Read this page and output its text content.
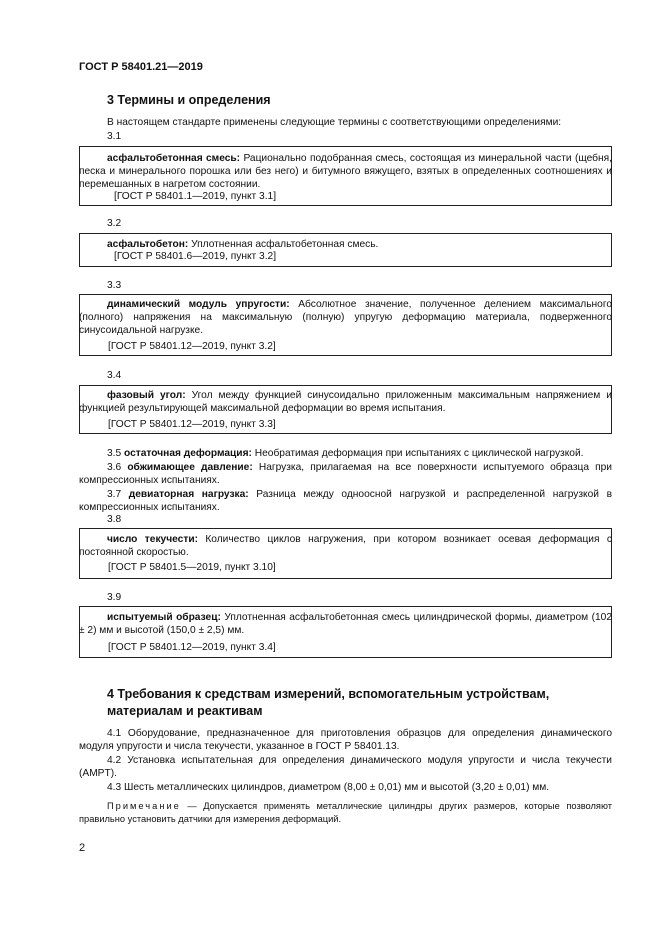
ГОСТ Р 58401.21—2019
3 Термины и определения
В настоящем стандарте применены следующие термины с соответствующими определениями:
3.1
асфальтобетонная смесь: Рационально подобранная смесь, состоящая из минеральной части (щебня, песка и минерального порошка или без него) и битумного вяжущего, взятых в определенных соотношениях и перемешанных в нагретом состоянии.
[ГОСТ Р 58401.1—2019, пункт 3.1]
3.2
асфальтобетон: Уплотненная асфальтобетонная смесь.
[ГОСТ Р 58401.6—2019, пункт 3.2]
3.3
динамический модуль упругости: Абсолютное значение, полученное делением максимального (полного) напряжения на максимальную (полную) упругую деформацию материала, подверженного синусоидальной нагрузке.
[ГОСТ Р 58401.12—2019, пункт 3.2]
3.4
фазовый угол: Угол между функцией синусоидально приложенным максимальным напряжением и функцией результирующей максимальной деформации во время испытания.
[ГОСТ Р 58401.12—2019, пункт 3.3]
3.5 остаточная деформация: Необратимая деформация при испытаниях с циклической нагрузкой.
3.6 обжимающее давление: Нагрузка, прилагаемая на все поверхности испытуемого образца при компрессионных испытаниях.
3.7 девиаторная нагрузка: Разница между одноосной нагрузкой и распределенной нагрузкой в компрессионных испытаниях.
3.8
число текучести: Количество циклов нагружения, при котором возникает осевая деформация с постоянной скоростью.
[ГОСТ Р 58401.5—2019, пункт 3.10]
3.9
испытуемый образец: Уплотненная асфальтобетонная смесь цилиндрической формы, диаметром (102 ± 2) мм и высотой (150,0 ± 2,5) мм.
[ГОСТ Р 58401.12—2019, пункт 3.4]
4 Требования к средствам измерений, вспомогательным устройствам, материалам и реактивам
4.1 Оборудование, предназначенное для приготовления образцов для определения динамического модуля упругости и числа текучести, указанное в ГОСТ Р 58401.13.
4.2 Установка испытательная для определения динамического модуля упругости и числа текучести (AMPT).
4.3 Шесть металлических цилиндров, диаметром (8,00 ± 0,01) мм и высотой (3,20 ± 0,01) мм.
Примечание — Допускается применять металлические цилиндры других размеров, которые позволяют правильно установить датчики для измерения деформаций.
2
